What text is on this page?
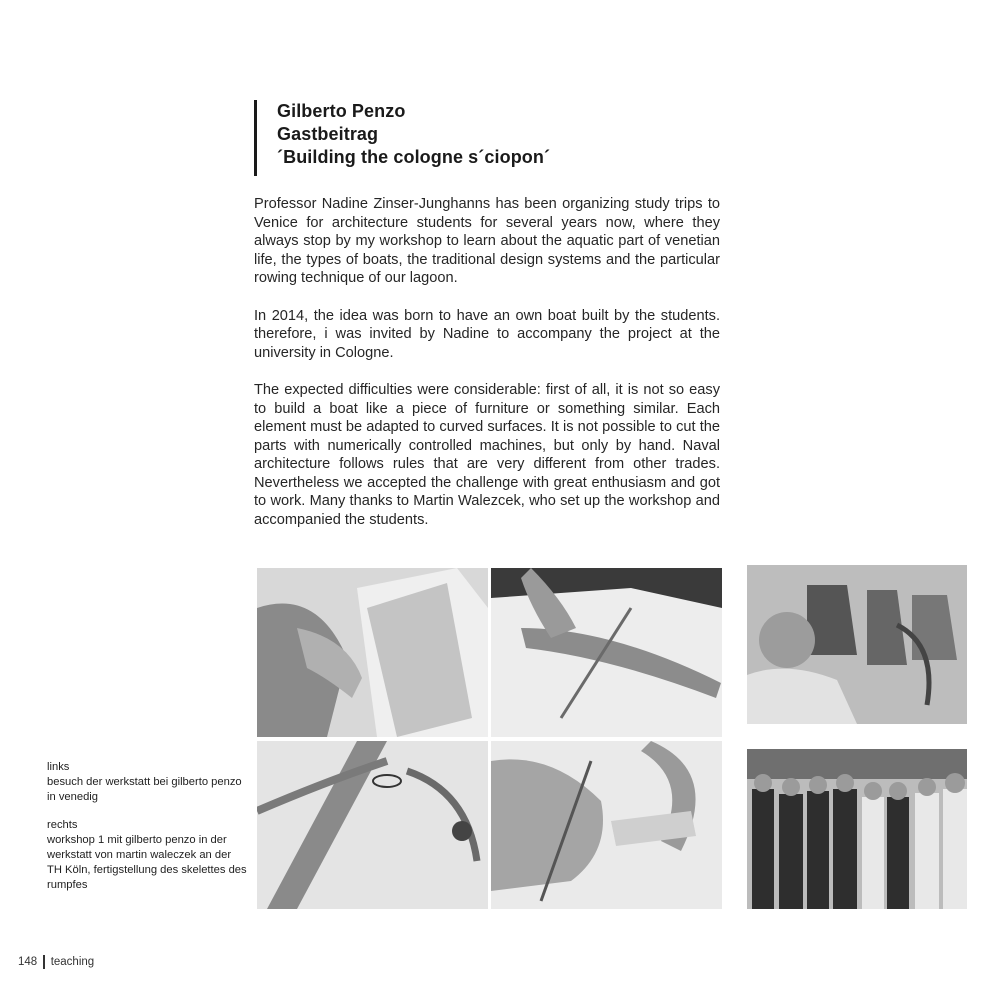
Gilberto Penzo
Gastbeitrag
´Building the cologne s´ciopon´

Professor Nadine Zinser-Junghanns has been organizing study trips to Venice for architecture students for several years now, where they always stop by my workshop to learn about the aquatic part of venetian life, the types of boats, the traditional design systems and the particular rowing technique of our lagoon.

In 2014, the idea was born to have an own boat built by the students. therefore, i was invited by Nadine to accompany the project at the university in Cologne.

The expected difficulties were considerable: first of all, it is not so easy to build a boat like a piece of furniture or something similar. Each element must be adapted to curved surfaces. It is not possible to cut the parts with numerically controlled machines, but only by hand. Naval architecture follows rules that are very different from other trades. Nevertheless we accepted the challenge with great enthusiasm and got to work. Many thanks to Martin Walezcek, who set up the workshop and accompanied the students.

links
besuch der werkstatt bei gilberto penzo in venedig

rechts
workshop 1 mit gilberto penzo in der werkstatt von martin waleczek an der TH Köln, fertigstellung des skelettes des rumpfes

148 teaching
